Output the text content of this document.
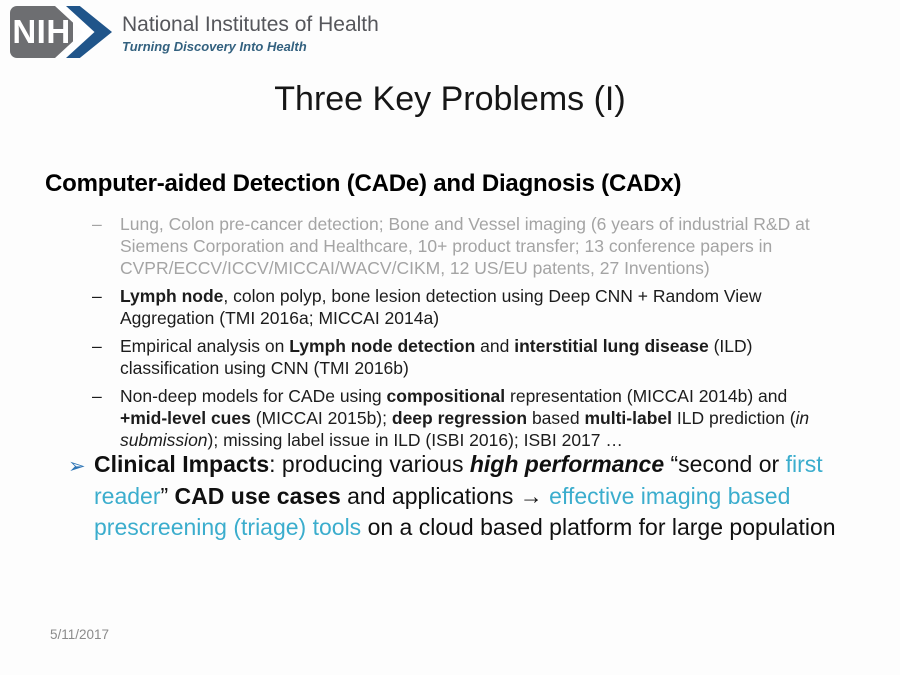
NIH National Institutes of Health
Turning Discovery Into Health
Three Key Problems (I)
Computer-aided Detection (CADe) and Diagnosis (CADx)
– Lung, Colon pre-cancer detection; Bone and Vessel imaging (6 years of industrial R&D at Siemens Corporation and Healthcare, 10+ product transfer; 13 conference papers in CVPR/ECCV/ICCV/MICCAI/WACV/CIKM, 12 US/EU patents, 27 Inventions)
– Lymph node, colon polyp, bone lesion detection using Deep CNN + Random View Aggregation (TMI 2016a; MICCAI 2014a)
– Empirical analysis on Lymph node detection and interstitial lung disease (ILD) classification using CNN (TMI 2016b)
– Non-deep models for CADe using compositional representation (MICCAI 2014b) and +mid-level cues (MICCAI 2015b); deep regression based multi-label ILD prediction (in submission); missing label issue in ILD (ISBI 2016); ISBI 2017 …
➢ Clinical Impacts: producing various high performance “second or first reader” CAD use cases and applications → effective imaging based prescreening (triage) tools on a cloud based platform for large population
5/11/2017
